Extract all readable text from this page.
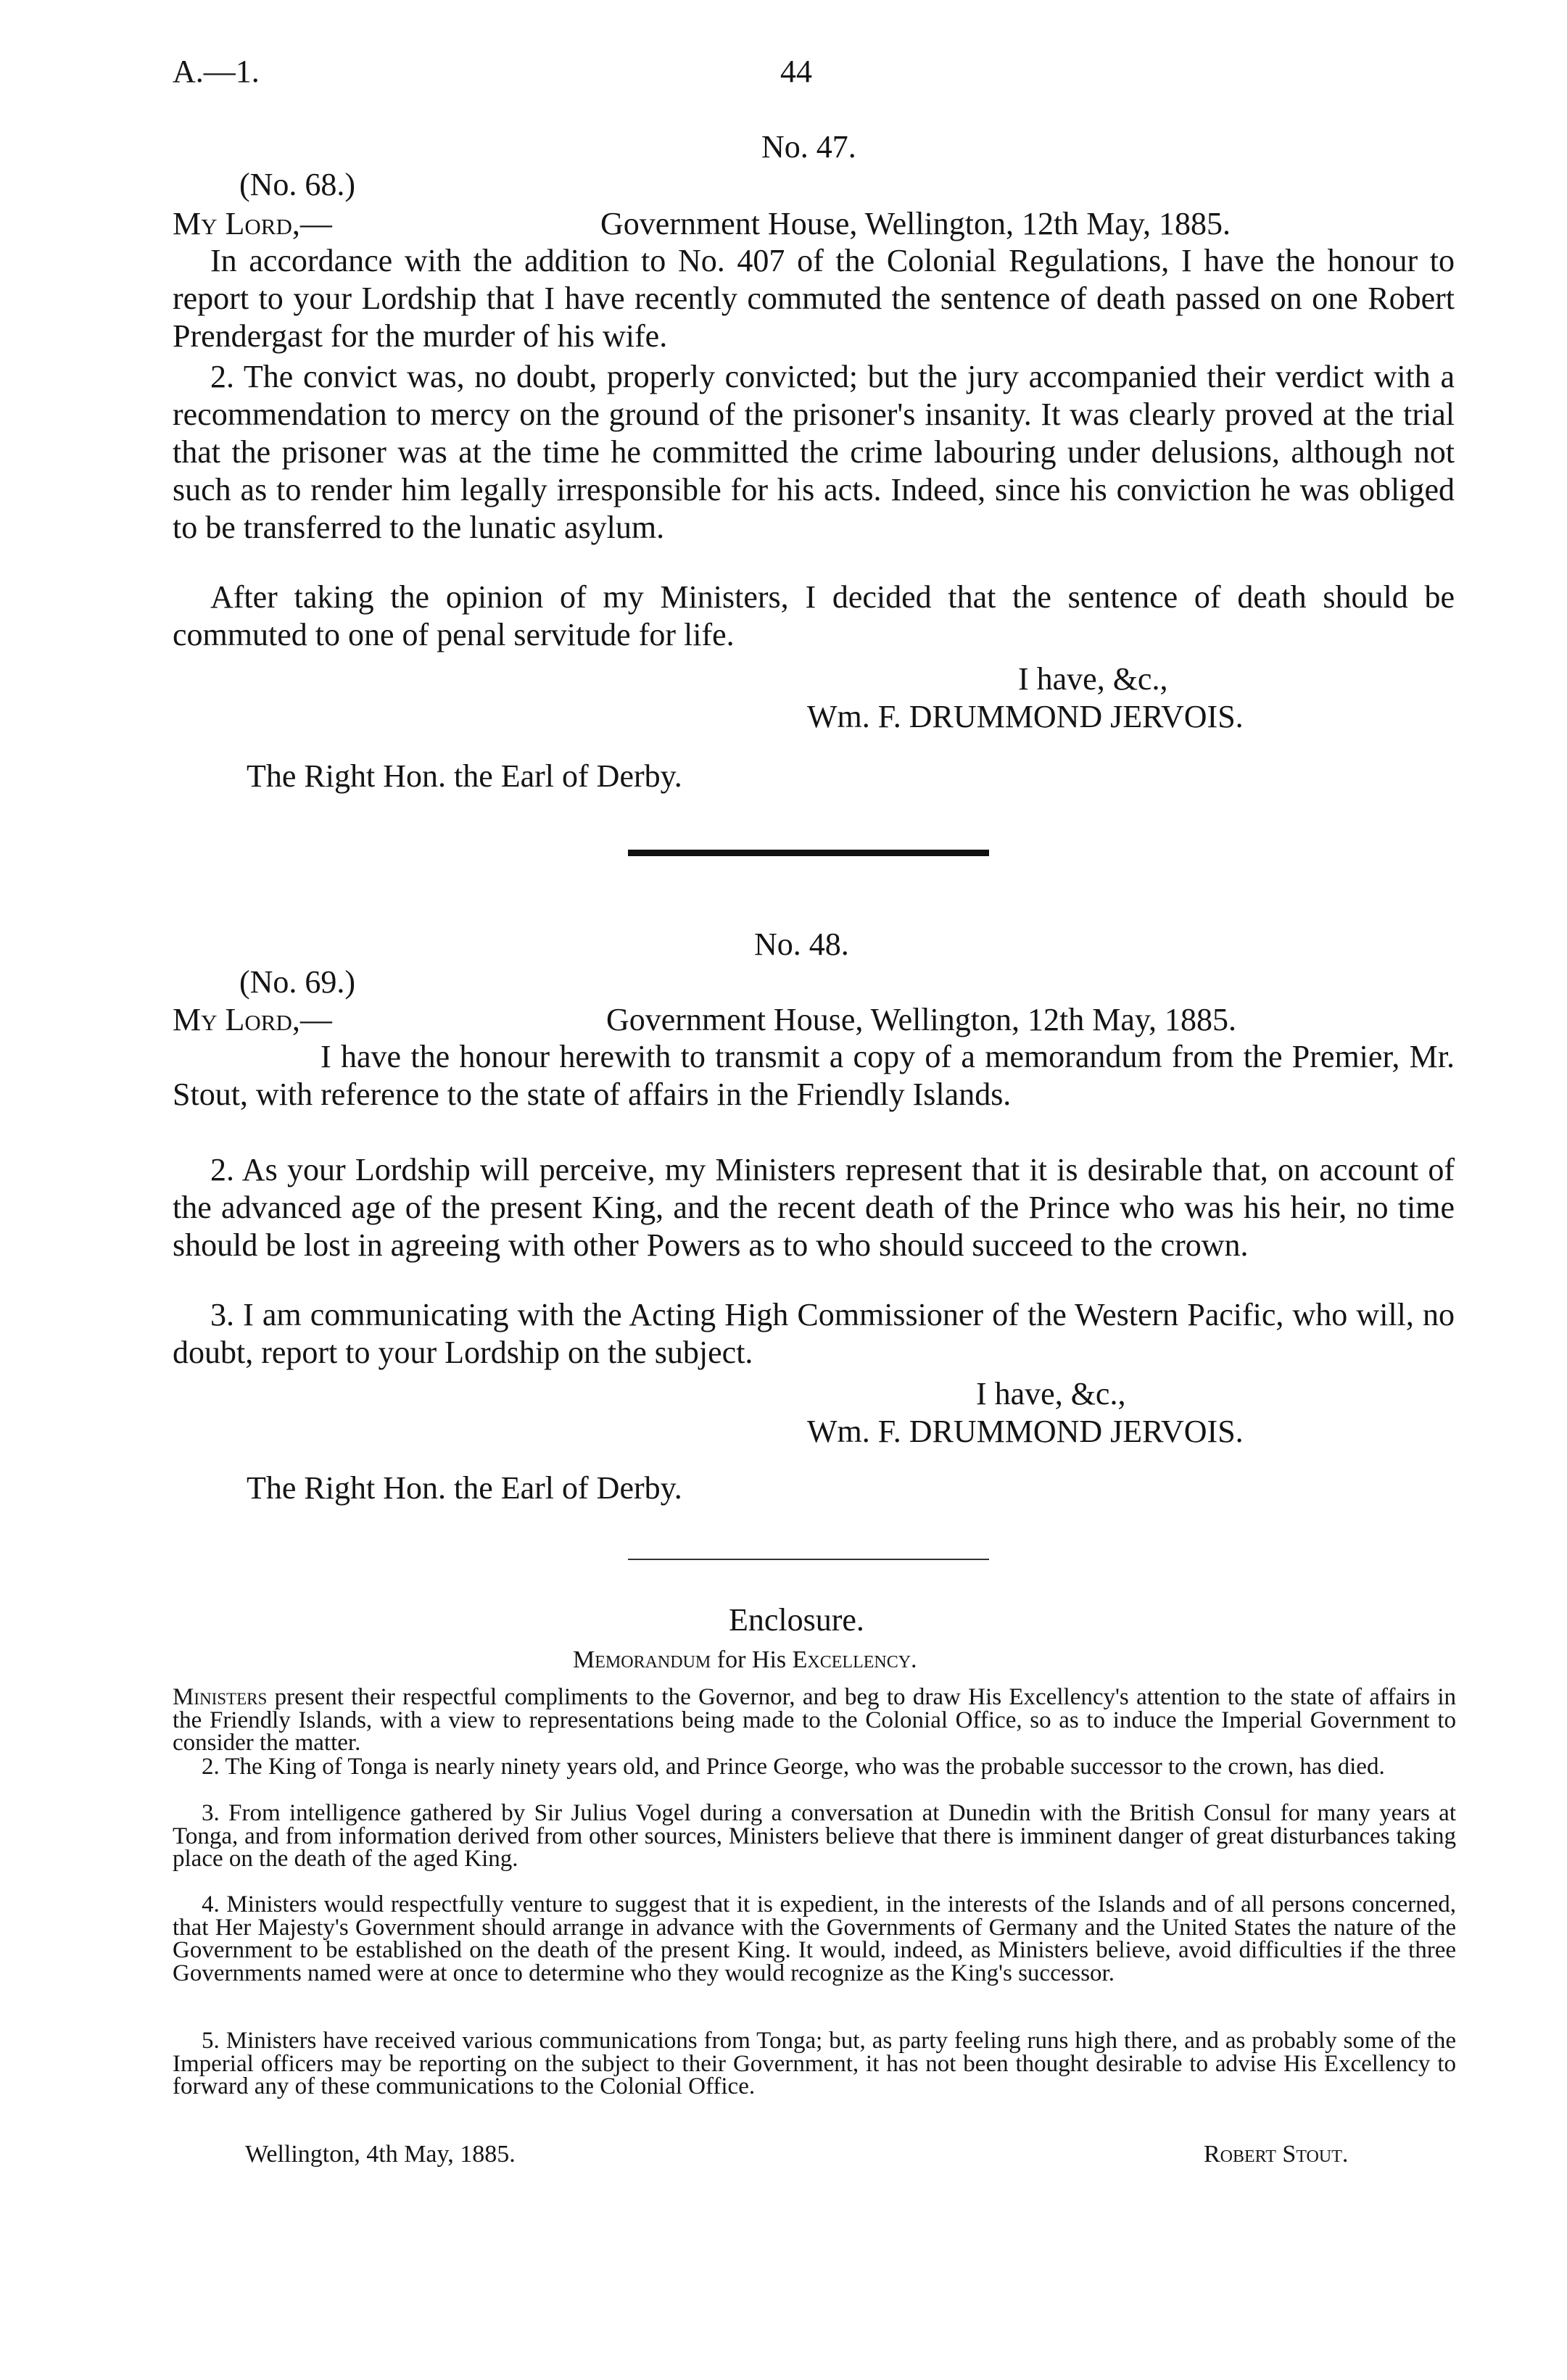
A.—1.	44
No. 47.
(No. 68.)
My Lord,—	Government House, Wellington, 12th May, 1885.

In accordance with the addition to No. 407 of the Colonial Regulations, I have the honour to report to your Lordship that I have recently commuted the sentence of death passed on one Robert Prendergast for the murder of his wife.

2. The convict was, no doubt, properly convicted; but the jury accompanied their verdict with a recommendation to mercy on the ground of the prisoner's insanity. It was clearly proved at the trial that the prisoner was at the time he committed the crime labouring under delusions, although not such as to render him legally irresponsible for his acts. Indeed, since his conviction he was obliged to be transferred to the lunatic asylum.

After taking the opinion of my Ministers, I decided that the sentence of death should be commuted to one of penal servitude for life.

I have, &c.,
Wm. F. DRUMMOND JERVOIS.
The Right Hon. the Earl of Derby.
No. 48.
(No. 69.)
My Lord,—	Government House, Wellington, 12th May, 1885.

I have the honour herewith to transmit a copy of a memorandum from the Premier, Mr. Stout, with reference to the state of affairs in the Friendly Islands.

2. As your Lordship will perceive, my Ministers represent that it is desirable that, on account of the advanced age of the present King, and the recent death of the Prince who was his heir, no time should be lost in agreeing with other Powers as to who should succeed to the crown.

3. I am communicating with the Acting High Commissioner of the Western Pacific, who will, no doubt, report to your Lordship on the subject.

I have, &c.,
Wm. F. DRUMMOND JERVOIS.
The Right Hon. the Earl of Derby.
Enclosure.
Memorandum for His Excellency.

Ministers present their respectful compliments to the Governor, and beg to draw His Excellency's attention to the state of affairs in the Friendly Islands, with a view to representations being made to the Colonial Office, so as to induce the Imperial Government to consider the matter.

2. The King of Tonga is nearly ninety years old, and Prince George, who was the probable successor to the crown, has died.

3. From intelligence gathered by Sir Julius Vogel during a conversation at Dunedin with the British Consul for many years at Tonga, and from information derived from other sources, Ministers believe that there is imminent danger of great disturbances taking place on the death of the aged King.

4. Ministers would respectfully venture to suggest that it is expedient, in the interests of the Islands and of all persons concerned, that Her Majesty's Government should arrange in advance with the Governments of Germany and the United States the nature of the Government to be established on the death of the present King. It would, indeed, as Ministers believe, avoid difficulties if the three Governments named were at once to determine who they would recognize as the King's successor.

5. Ministers have received various communications from Tonga; but, as party feeling runs high there, and as probably some of the Imperial officers may be reporting on the subject to their Government, it has not been thought desirable to advise His Excellency to forward any of these communications to the Colonial Office.

Wellington, 4th May, 1885.	Robert Stout.
